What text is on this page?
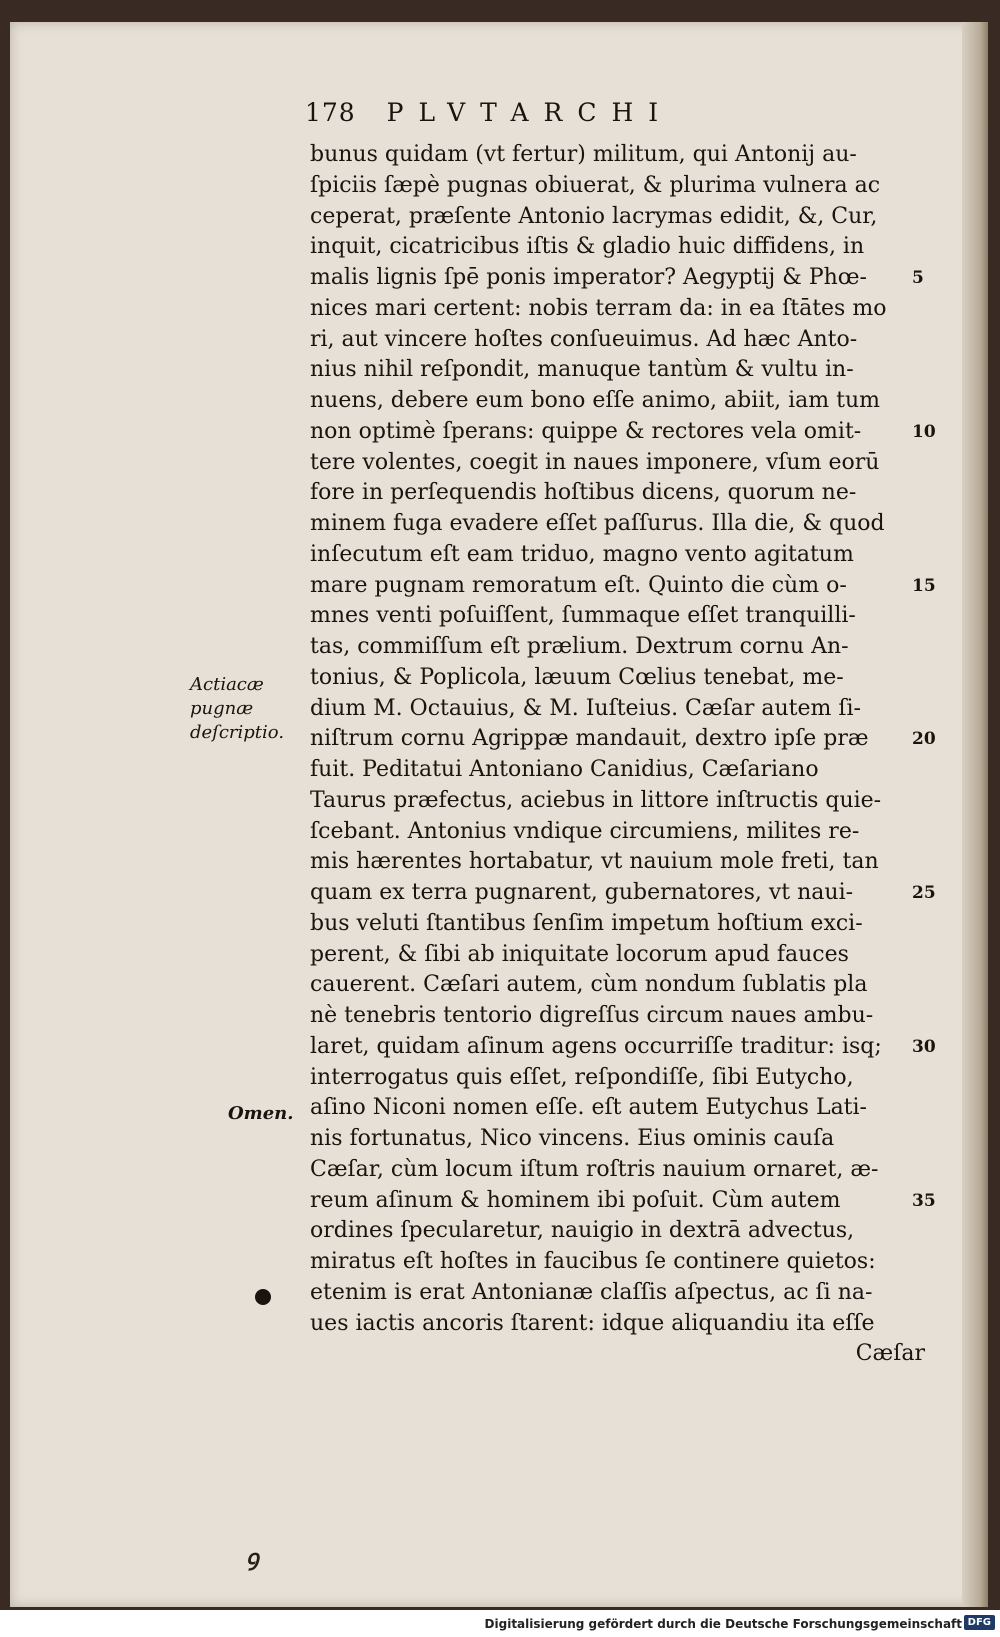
178 PLVTARCHI
bunus quidam (vt fertur) militum, qui Antonij au-
ſpiciis ſæpè pugnas obiuerat, & plurima vulnera ac
ceperat, præſente Antonio lacrymas edidit, &, Cur,
inquit, cicatricibus iſtis & gladio huic diffidens, in
malis lignis ſpē ponis imperator? Aegyptij & Phœ-
nices mari certent: nobis terram da: in ea ſtātes mo
ri, aut vincere hoſtes conſueuimus. Ad hæc Anto-
nius nihil reſpondit, manuque tantùm & vultu in-
nuens, debere eum bono eſſe animo, abiit, iam tum
non optimè ſperans: quippe & rectores vela omit-
tere volentes, coegit in naues imponere, vſum eorū
fore in perſequendis hoſtibus dicens, quorum ne-
minem fuga evadere eſſet paſſurus. Illa die, & quod
inſecutum eſt eam triduo, magno vento agitatum
mare pugnam remoratum eſt. Quinto die cùm o-
mnes venti poſuiſſent, ſummaque eſſet tranquilli-
tas, commiſſum eſt prælium. Dextrum cornu An-
tonius, & Poplicola, læuum Cœlius tenebat, me-
dium M. Octauius, & M. Iuſteius. Cæſar autem ſi-
niſtrum cornu Agrippæ mandauit, dextro ipſe præ
fuit. Peditatui Antoniano Canidius, Cæſariano
Taurus præfectus, aciebus in littore inſtructis quie-
ſcebant. Antonius vndique circumiens, milites re-
mis hærentes hortabatur, vt nauium mole freti, tan
quam ex terra pugnarent, gubernatores, vt naui-
bus veluti ſtantibus ſenſim impetum hoſtium exci-
perent, & ſibi ab iniquitate locorum apud fauces
cauerent. Cæſari autem, cùm nondum ſublatis pla
nè tenebris tentorio digreſſus circum naues ambu-
laret, quidam aſinum agens occurriſſe traditur: isq;
interrogatus quis eſſet, reſpondiſſe, ſibi Eutycho,
aſino Niconi nomen eſſe. eſt autem Eutychus Lati-
nis fortunatus, Nico vincens. Eius ominis cauſa
Cæſar, cùm locum iſtum roſtris nauium ornaret, æ-
reum aſinum & hominem ibi poſuit. Cùm autem
ordines ſpecularetur, nauigio in dextrā advectus,
miratus eſt hoſtes in faucibus ſe continere quietos:
etenim is erat Antonianæ claſſis aſpectus, ac ſi na-
ues iactis ancoris ſtarent: idque aliquandiu ita eſſe
Cæſar
5
10
15
20
25
30
35
Actiacæ pugnæ deſcriptio.
Omen.
ꝯ
Digitalisierung gefördert durch die Deutsche Forschungsgemeinschaft DFG
